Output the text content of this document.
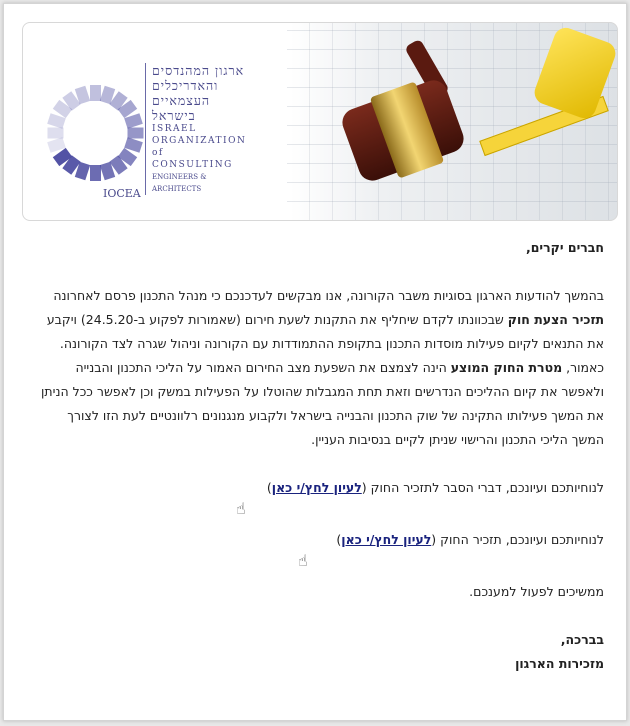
IOCEA
ארגון המהנדסים
והאדריכלים
העצמאיים
בישראל
ISRAEL
ORGANIZATION
of CONSULTING
ENGINEERS & ARCHITECTS

חברים יקרים,

בהמשך להודעות הארגון בסוגיות משבר הקורונה, אנו מבקשים לעדכנכם כי מנהל התכנון פרסם לאחרונה תזכיר הצעת חוק שבכוונתו לקדם שיחליף את התקנות לשעת חירום (שאמורות לפקוע ב-24.5.20) ויקבע את התנאים לקיום פעילות מוסדות התכנון בתקופת ההתמודדות עם הקורונה וניהול שגרה לצד הקורונה.

כאמור, מטרת החוק המוצע הינה לצמצם את השפעת מצב החירום האמור על הליכי התכנון והבנייה ולאפשר את קיום ההליכים הנדרשים וזאת תחת המגבלות שהוטלו על הפעילות במשק וכן לאפשר ככל הניתן את המשך פעילותו התקינה של שוק התכנון והבנייה בישראל ולקבוע מנגנונים רלוונטיים לעת הזו לצורך המשך הליכי התכנון והרישוי שניתן לקיים בנסיבות העניין.

לנוחיותכם ועיונכם, דברי הסבר לתזכיר החוק (לעיון לחץ/י כאן)

☝

לנוחיותכם ועיונכם, תזכיר החוק (לעיון לחץ/י כאן)

☝

ממשיכים לפעול למענכם.

בברכה,

מזכירות הארגון
